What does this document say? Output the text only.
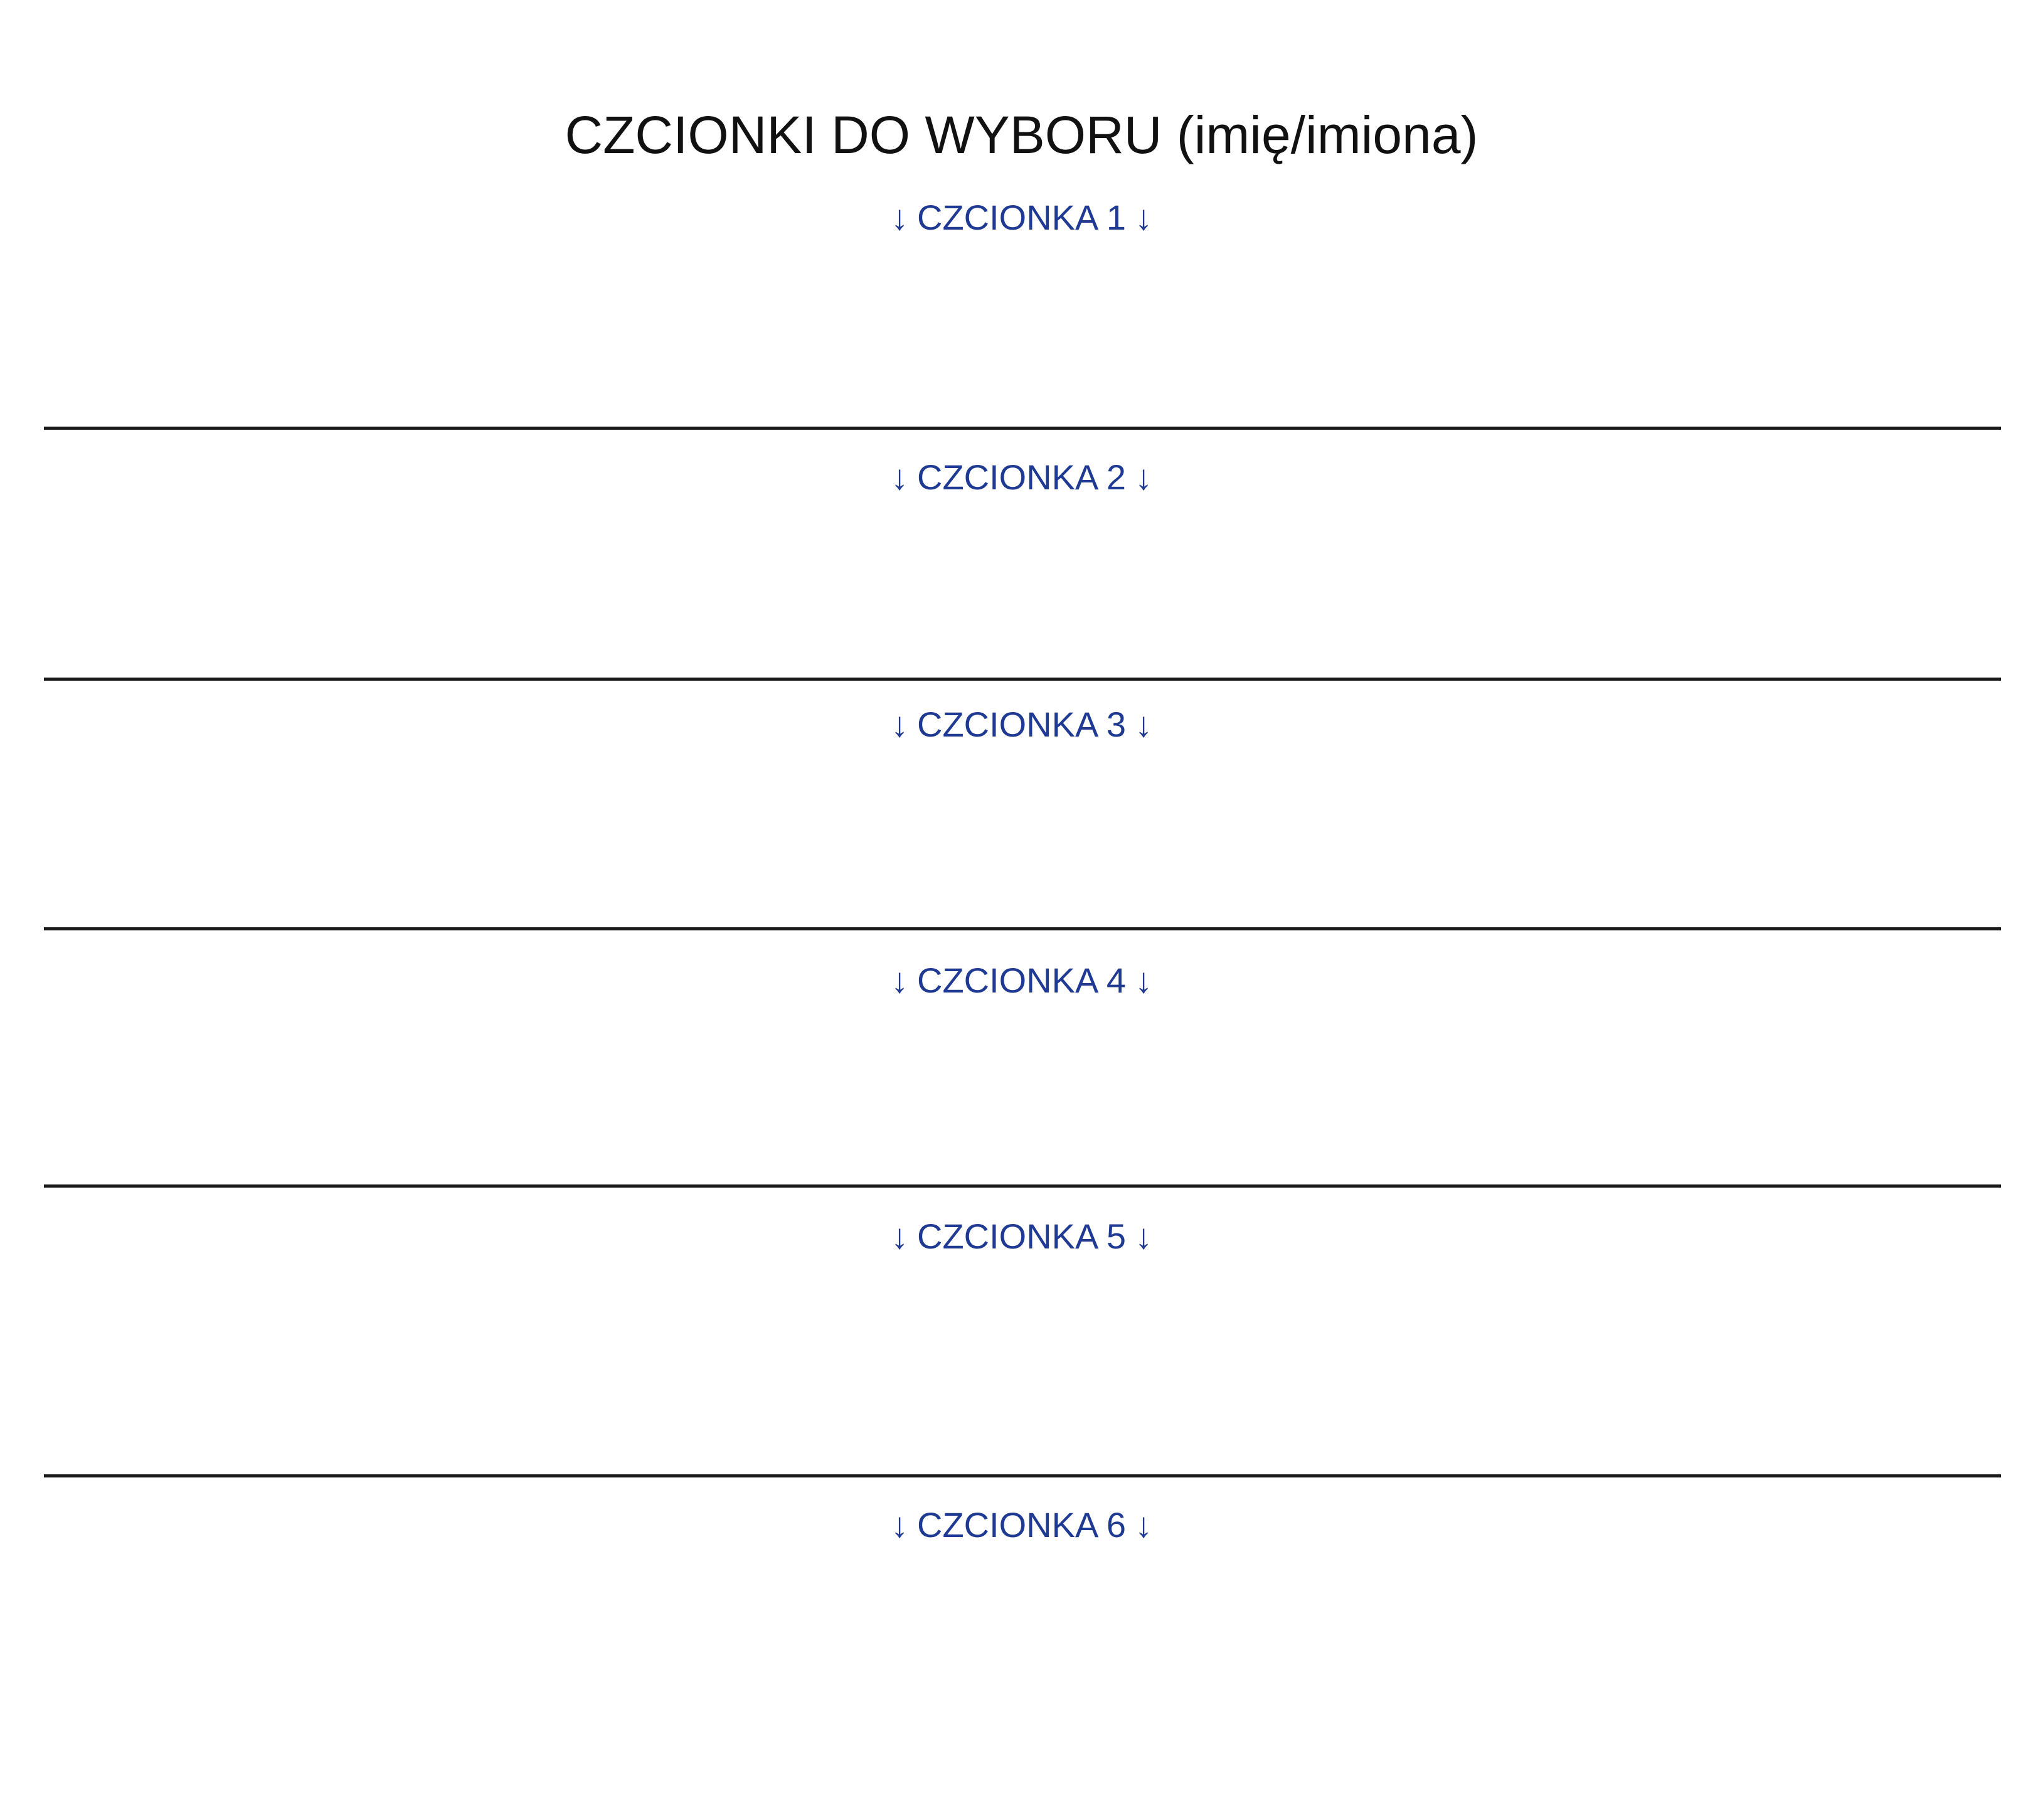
CZCIONKI DO WYBORU (imię/imiona)
↓ CZCIONKA 1 ↓
↓ CZCIONKA 2 ↓
↓ CZCIONKA 3 ↓
↓ CZCIONKA 4 ↓
↓ CZCIONKA 5 ↓
↓ CZCIONKA 6 ↓
